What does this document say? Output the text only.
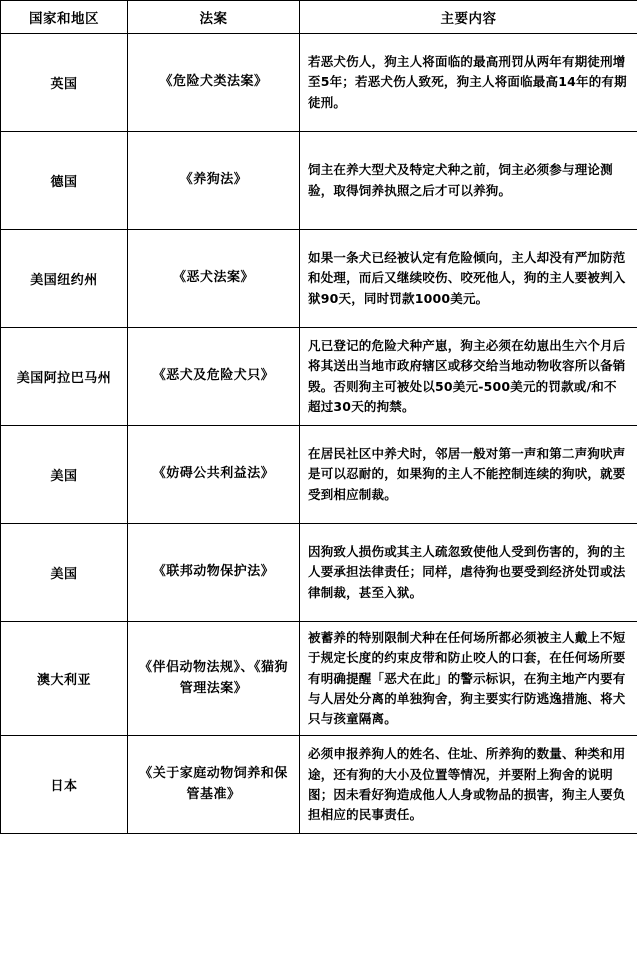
国家和地区	法案	主要内容
英国	《危险犬类法案》	若恶犬伤人，狗主人将面临的最高刑罚从两年有期徒刑增至5年；若恶犬伤人致死，狗主人将面临最高14年的有期徒刑。
德国	《养狗法》	饲主在养大型犬及特定犬种之前，饲主必须参与理论测验，取得饲养执照之后才可以养狗。
美国纽约州	《恶犬法案》	如果一条犬已经被认定有危险倾向，主人却没有严加防范和处理，而后又继续咬伤、咬死他人，狗的主人要被判入狱90天，同时罚款1000美元。
美国阿拉巴马州	《恶犬及危险犬只》	凡已登记的危险犬种产崽，狗主必须在幼崽出生六个月后将其送出当地市政府辖区或移交给当地动物收容所以备销毁。否则狗主可被处以50美元-500美元的罚款或/和不超过30天的拘禁。
美国	《妨碍公共利益法》	在居民社区中养犬时，邻居一般对第一声和第二声狗吠声是可以忍耐的，如果狗的主人不能控制连续的狗吠，就要受到相应制裁。
美国	《联邦动物保护法》	因狗致人损伤或其主人疏忽致使他人受到伤害的，狗的主人要承担法律责任；同样，虐待狗也要受到经济处罚或法律制裁，甚至入狱。
澳大利亚	《伴侣动物法规》、《猫狗管理法案》	被蓄养的特别限制犬种在任何场所都必须被主人戴上不短于规定长度的约束皮带和防止咬人的口套，在任何场所要有明确提醒「恶犬在此」的警示标识，在狗主地产内要有与人居处分离的单独狗舍，狗主要实行防逃逸措施、将犬只与孩童隔离。
日本	《关于家庭动物饲养和保管基准》	必须申报养狗人的姓名、住址、所养狗的数量、种类和用途，还有狗的大小及位置等情况，并要附上狗舍的说明图；因未看好狗造成他人人身或物品的损害，狗主人要负担相应的民事责任。
